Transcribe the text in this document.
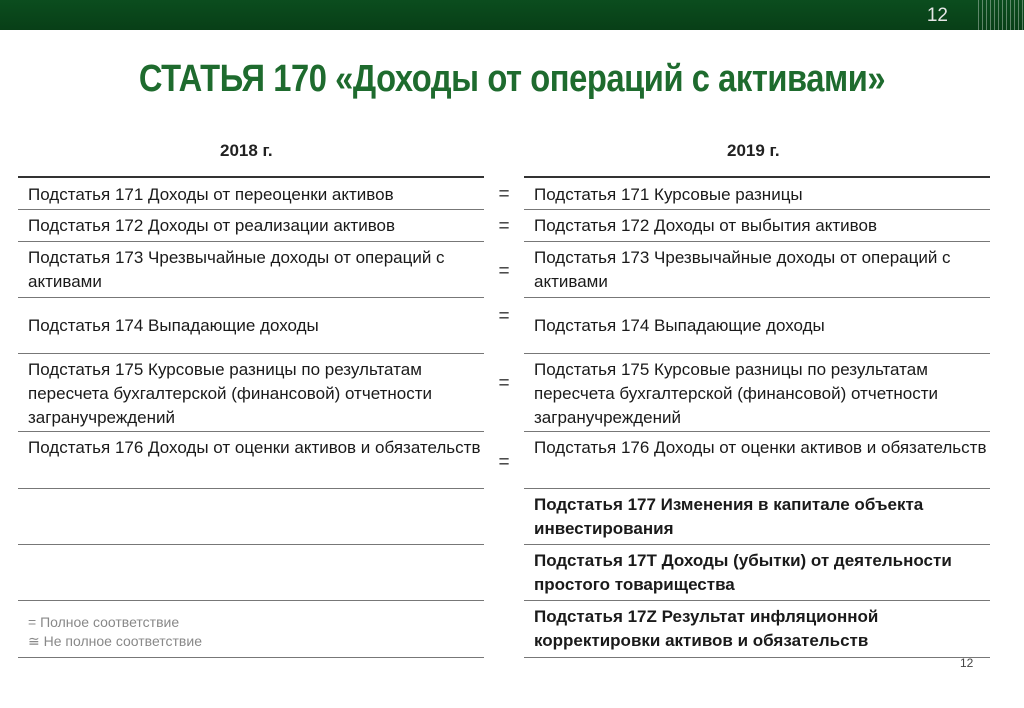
12
СТАТЬЯ 170 «Доходы от операций с активами»
2018 г.	2019 г.
Подстатья 171 Доходы от переоценки активов
Подстатья 172 Доходы от реализации активов
Подстатья 173 Чрезвычайные доходы от операций с активами
Подстатья 174 Выпадающие доходы
Подстатья 175 Курсовые разницы по результатам пересчета бухгалтерской (финансовой) отчетности загранучреждений
Подстатья 176 Доходы от оценки активов и обязательств
=
=
=
=
=
=
Подстатья 171 Курсовые разницы
Подстатья 172 Доходы от выбытия активов
Подстатья 173 Чрезвычайные доходы от операций с активами
Подстатья 174 Выпадающие доходы
Подстатья 175 Курсовые разницы по результатам пересчета бухгалтерской (финансовой) отчетности загранучреждений
Подстатья 176 Доходы от оценки активов и обязательств
Подстатья 177 Изменения в капитале объекта инвестирования
Подстатья 17Т Доходы (убытки) от деятельности простого товарищества
Подстатья 17Z Результат инфляционной корректировки активов и обязательств
= Полное соответствие
≅ Не полное соответствие
12
